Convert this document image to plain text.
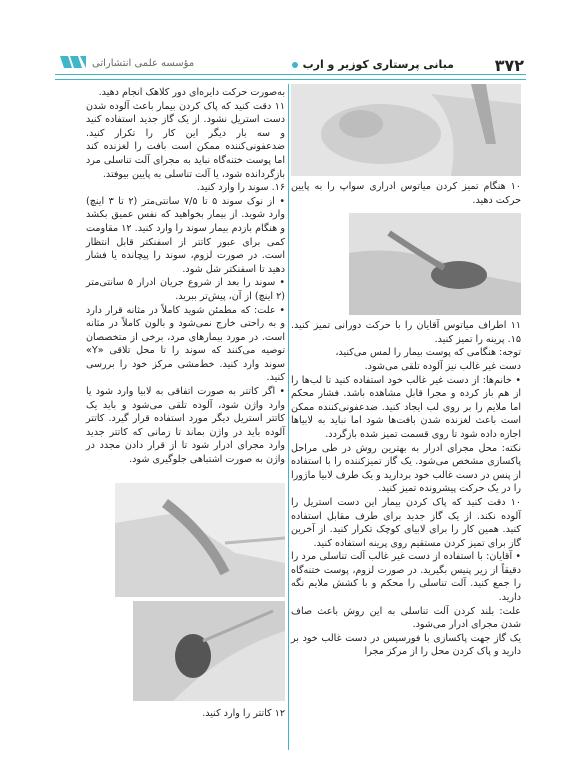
۳۷۲
مبانی پرستاری کوزیر و ارب
مؤسسه علمی انتشاراتی

۱۰ هنگام تمیز کردن میاتوس ادراری سواپ را به پایین حرکت دهید.

۱۱ اطراف میاتوس آقایان را با حرکت دورانی تمیز کنید. ۱۵. پرینه را تمیز کنید.

توجه: هنگامی که پوست بیمار را لمس می‌کنید،

دست غیر غالب نیز آلوده تلقی می‌شود.

• خانم‌ها: از دست غیر غالب خود استفاده کنید تا لب‌ها را از هم باز کرده و مجرا قابل مشاهده باشد. فشار محکم اما ملایم را بر روی لب ایجاد کنید. ضدعفونی‌کننده ممکن است باعث لغزنده شدن بافت‌ها شود اما نباید به لابیاها اجازه داده شود تا روی قسمت تمیز شده بازگردد.

نکته: محل مجرای ادرار به بهترین روش در طی مراحل پاکسازی مشخص می‌شود. یک گاز تمیزکننده را با استفاده از پنس در دست غالب خود بردارید و یک طرف لابیا ماژورا را در یک حرکت پیشرونده تمیز کنید.

۱۰ دقت کنید که پاک کردن بیمار این دست استریل را آلوده نکند. از یک گاز جدید برای طرف مقابل استفاده کنید. همین کار را برای لابیای کوچک تکرار کنید. از آخرین گاز برای تمیز کردن مستقیم روی پرینه استفاده کنید.

• آقایان: با استفاده از دست غیر غالب آلت تناسلی مرد را دقیقاً از زیر پنیس بگیرید. در صورت لزوم، پوست ختنه‌گاه را جمع کنید. آلت تناسلی را محکم و با کشش ملایم نگه دارید.

علت: بلند کردن آلت تناسلی به این روش باعث صاف شدن مجرای ادرار می‌شود.

یک گاز جهت پاکسازی با فورسپس در دست غالب خود بر دارید و پاک کردن محل را از مرکز مجرا

به‌صورت حرکت دایره‌ای دور کلاهک انجام دهید.

۱۱ دقت کنید که پاک کردن بیمار باعث آلوده شدن دست استریل نشود. از یک گاز جدید استفاده کنید و سه بار دیگر این کار را تکرار کنید. ضدعفونی‌کننده ممکن است بافت را لغزنده کند اما پوست ختنه‌گاه نباید به مجرای آلت تناسلی مرد بازگردانده شود، یا آلت تناسلی به پایین بیوفتد.

۱۶. سوند را وارد کنید.

• از نوک سوند ۵ تا ۷/۵ سانتی‌متر (۲ تا ۳ اینچ) وارد شوید. از بیمار بخواهید که نفس عمیق بکشد و هنگام بازدم بیمار سوند را وارد کنید. ۱۲ مقاومت کمی برای عبور کاتتر از اسفنکتر قابل انتظار است. در صورت لزوم، سوند را پیچانده یا فشار دهید تا اسفنکتر شل شود.

• سوند را بعد از شروع جریان ادرار ۵ سانتی‌متر (۲ اینچ) از آن، پیش‌تر ببرید.

• علت: که مطمئن شوید کاملاً در مثانه قرار دارد و به راحتی خارج نمی‌شود و بالون کاملاً در مثانه است. در مورد بیمارهای مرد، برخی از متخصصان توصیه می‌کنند که سوند را تا محل تلاقی «Y» سوند وارد کنید. خط‌مشی مرکز خود را بررسی کنید.

• اگر کاتتر به صورت اتفاقی به لابیا وارد شود یا وارد واژن شود، آلوده تلقی می‌شود و باید یک کاتتر استریل دیگر مورد استفاده قرار گیرد. کاتتر آلوده باید در واژن بماند تا زمانی که کاتتر جدید وارد مجرای ادرار شود تا از قرار دادن مجدد در واژن به صورت اشتباهی جلوگیری شود.

۱۲ کاتتر را وارد کنید.
